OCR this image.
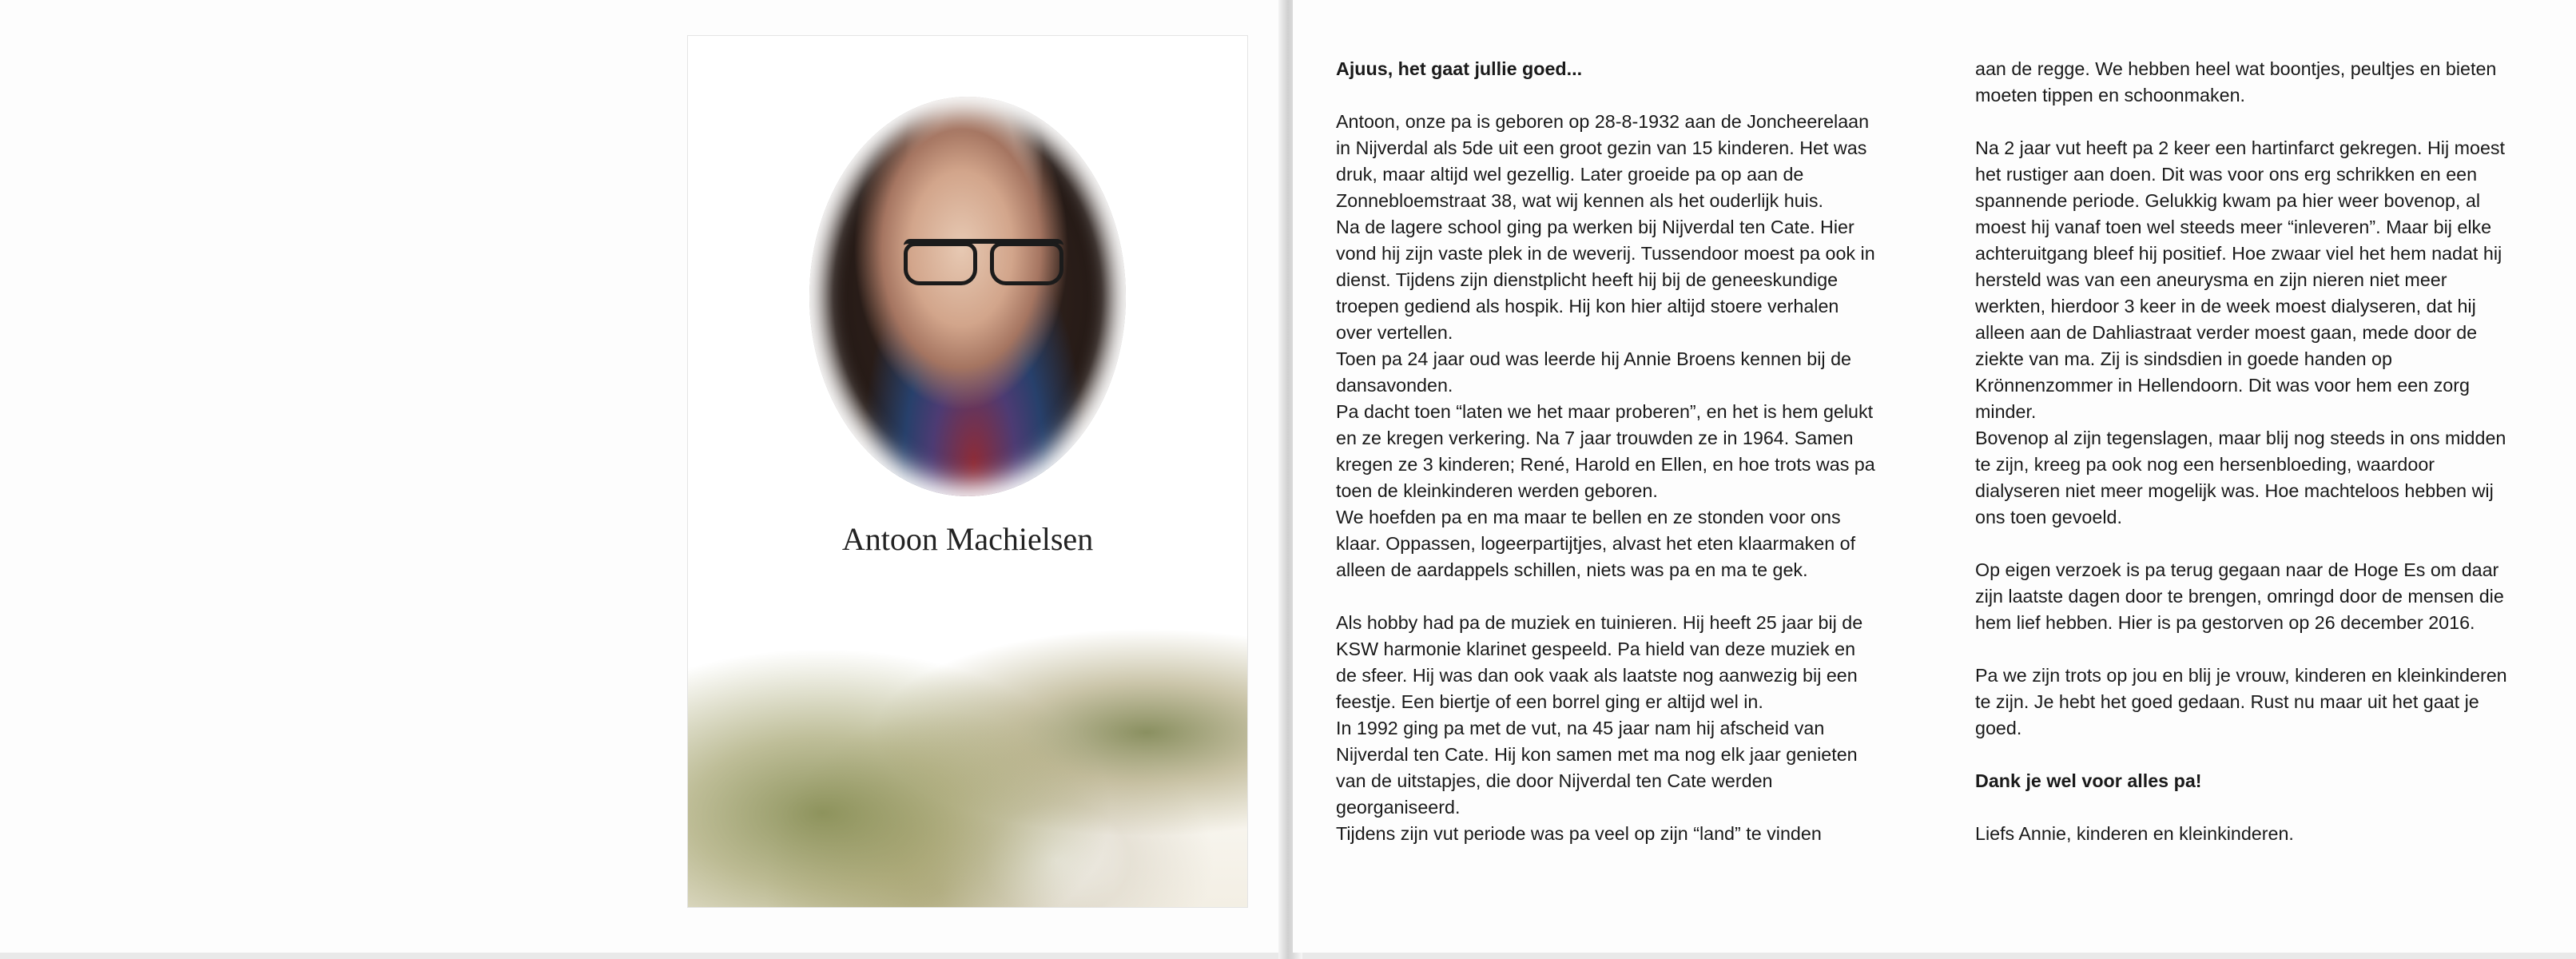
Antoon Machielsen

Ajuus, het gaat jullie goed...

Antoon, onze pa is geboren op 28-8-1932 aan de Joncheerelaan in Nijverdal als 5de uit een groot gezin van 15 kinderen. Het was druk, maar altijd wel gezellig. Later groeide pa op aan de Zonnebloemstraat 38, wat wij kennen als het ouderlijk huis.

Na de lagere school ging pa werken bij Nijverdal ten Cate. Hier vond hij zijn vaste plek in de weverij. Tussendoor moest pa ook in dienst. Tijdens zijn dienstplicht heeft hij bij de geneeskundige troepen gediend als hospik. Hij kon hier altijd stoere verhalen over vertellen.

Toen pa 24 jaar oud was leerde hij Annie Broens kennen bij de dansavonden.

Pa dacht toen “laten we het maar proberen”, en het is hem gelukt en ze kregen verkering. Na 7 jaar trouwden ze in 1964. Samen kregen ze 3 kinderen; René, Harold en Ellen, en hoe trots was pa toen de kleinkinderen werden geboren.

We hoefden pa en ma maar te bellen en ze stonden voor ons klaar. Oppassen, logeerpartijtjes, alvast het eten klaarmaken of alleen de aardappels schillen, niets was pa en ma te gek.

Als hobby had pa de muziek en tuinieren. Hij heeft 25 jaar bij de KSW harmonie klarinet gespeeld. Pa hield van deze muziek en de sfeer. Hij was dan ook vaak als laatste nog aanwezig bij een feestje. Een biertje of een borrel ging er altijd wel in.

In 1992 ging pa met de vut, na 45 jaar nam hij afscheid van Nijverdal ten Cate. Hij kon samen met ma nog elk jaar genieten van de uitstapjes, die door Nijverdal ten Cate werden georganiseerd.

Tijdens zijn vut periode was pa veel op zijn “land” te vinden

aan de regge. We hebben heel wat boontjes, peultjes en bieten moeten tippen en schoonmaken.

Na 2 jaar vut heeft pa 2 keer een hartinfarct gekregen. Hij moest het rustiger aan doen. Dit was voor ons erg schrikken en een spannende periode. Gelukkig kwam pa hier weer bovenop, al moest hij vanaf toen wel steeds meer “inleveren”. Maar bij elke achteruitgang bleef hij positief. Hoe zwaar viel het hem nadat hij hersteld was van een aneurysma en zijn nieren niet meer werkten, hierdoor 3 keer in de week moest dialyseren, dat hij alleen aan de Dahliastraat verder moest gaan, mede door de ziekte van ma. Zij is sindsdien in goede handen op Krönnenzommer in Hellendoorn. Dit was voor hem een zorg minder.

Bovenop al zijn tegenslagen, maar blij nog steeds in ons midden te zijn, kreeg pa ook nog een hersenbloeding, waardoor dialyseren niet meer mogelijk was. Hoe machteloos hebben wij ons toen gevoeld.

Op eigen verzoek is pa terug gegaan naar de Hoge Es om daar zijn laatste dagen door te brengen, omringd door de mensen die hem lief hebben. Hier is pa gestorven op 26 december 2016.

Pa we zijn trots op jou en blij je vrouw, kinderen en kleinkinderen te zijn. Je hebt het goed gedaan. Rust nu maar uit het gaat je goed.

Dank je wel voor alles pa!

Liefs Annie, kinderen en kleinkinderen.
